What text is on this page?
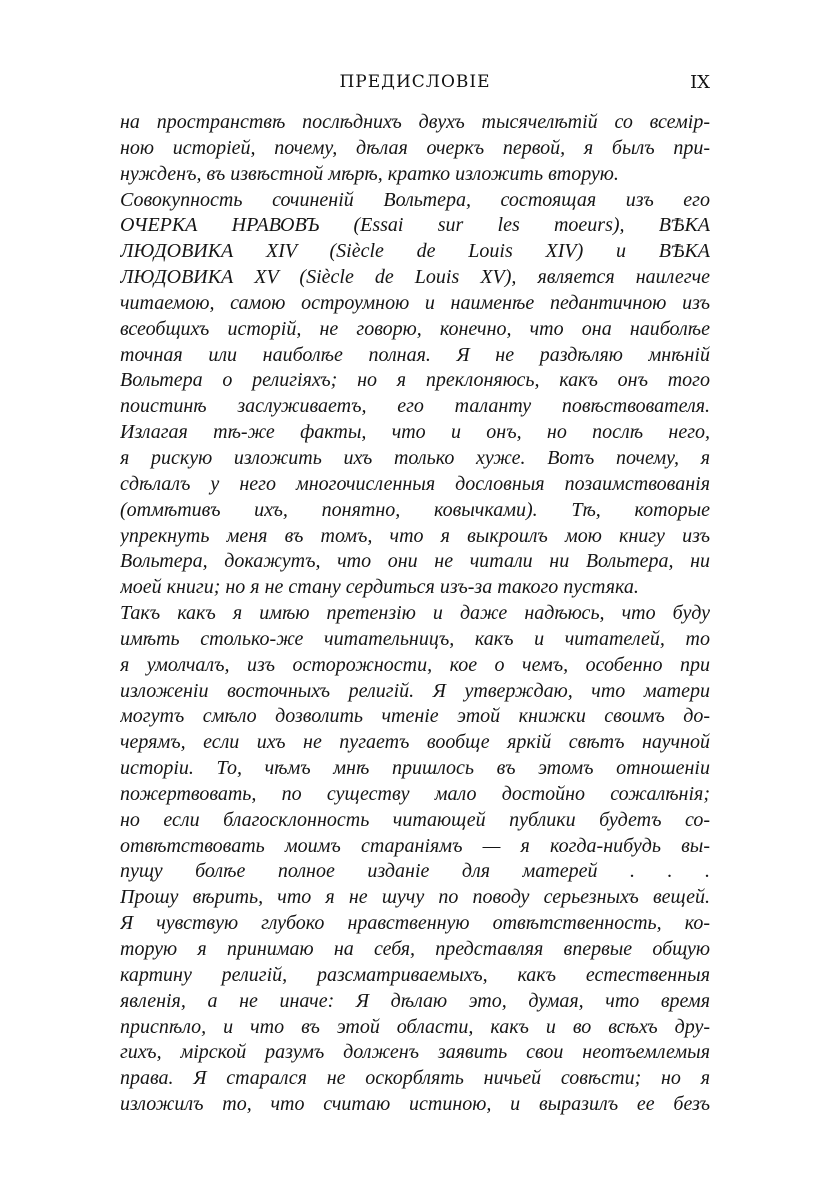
ПРЕДИСЛОВІЕ	IX
на пространствѣ послѣднихъ двухъ тысячелѣтій со всемір-
ною исторіей, почему, дѣлая очеркъ первой, я былъ при-
нужденъ, въ извѣстной мѣрѣ, кратко изложить вторую.
Совокупность сочиненій Вольтера, состоящая изъ его
ОЧЕРКА НРАВОВЪ (Essai sur les moeurs), ВѢКА
ЛЮДОВИКА XIV (Siècle de Louis XIV) и ВѢКА
ЛЮДОВИКА XV (Siècle de Louis XV), является наилегче
читаемою, самою остроумною и наименѣе педантичною изъ
всеобщихъ исторій, не говорю, конечно, что она наиболѣе
точная или наиболѣе полная. Я не раздѣляю мнѣній
Вольтера о религіяхъ; но я преклоняюсь, какъ онъ того
поистинѣ заслуживаетъ, его таланту повѣствователя.
Излагая тѣ-же факты, что и онъ, но послѣ него,
я рискую изложить ихъ только хуже. Вотъ почему, я
сдѣлалъ у него многочисленныя дословныя позаимствованія
(отмѣтивъ ихъ, понятно, ковычками). Тѣ, которые
упрекнуть меня въ томъ, что я выкроилъ мою книгу изъ
Вольтера, докажутъ, что они не читали ни Вольтера, ни
моей книги; но я не стану сердиться изъ-за такого пустяка.
Такъ какъ я имѣю претензію и даже надѣюсь, что буду
имѣть столько-же читательницъ, какъ и читателей, то
я умолчалъ, изъ осторожности, кое о чемъ, особенно при
изложеніи восточныхъ религій. Я утверждаю, что матери
могутъ смѣло дозволить чтеніе этой книжки своимъ до-
черямъ, если ихъ не пугаетъ вообще яркій свѣтъ научной
исторіи. То, чѣмъ мнѣ пришлось въ этомъ отношеніи
пожертвовать, по существу мало достойно сожалѣнія;
но если благосклонность читающей публики будетъ со-
отвѣтствовать моимъ стараніямъ — я когда-нибудь вы-
пущу болѣе полное изданіе для матерей . . .
Прошу вѣрить, что я не шучу по поводу серьезныхъ вещей.
Я чувствую глубоко нравственную отвѣтственность, ко-
торую я принимаю на себя, представляя впервые общую
картину религій, разсматриваемыхъ, какъ естественныя
явленія, а не иначе: Я дѣлаю это, думая, что время
приспѣло, и что въ этой области, какъ и во всѣхъ дру-
гихъ, мірской разумъ долженъ заявить свои неотъемлемыя
права. Я старался не оскорблять ничьей совѣсти; но я
изложилъ то, что считаю истиною, и выразилъ ее безъ
